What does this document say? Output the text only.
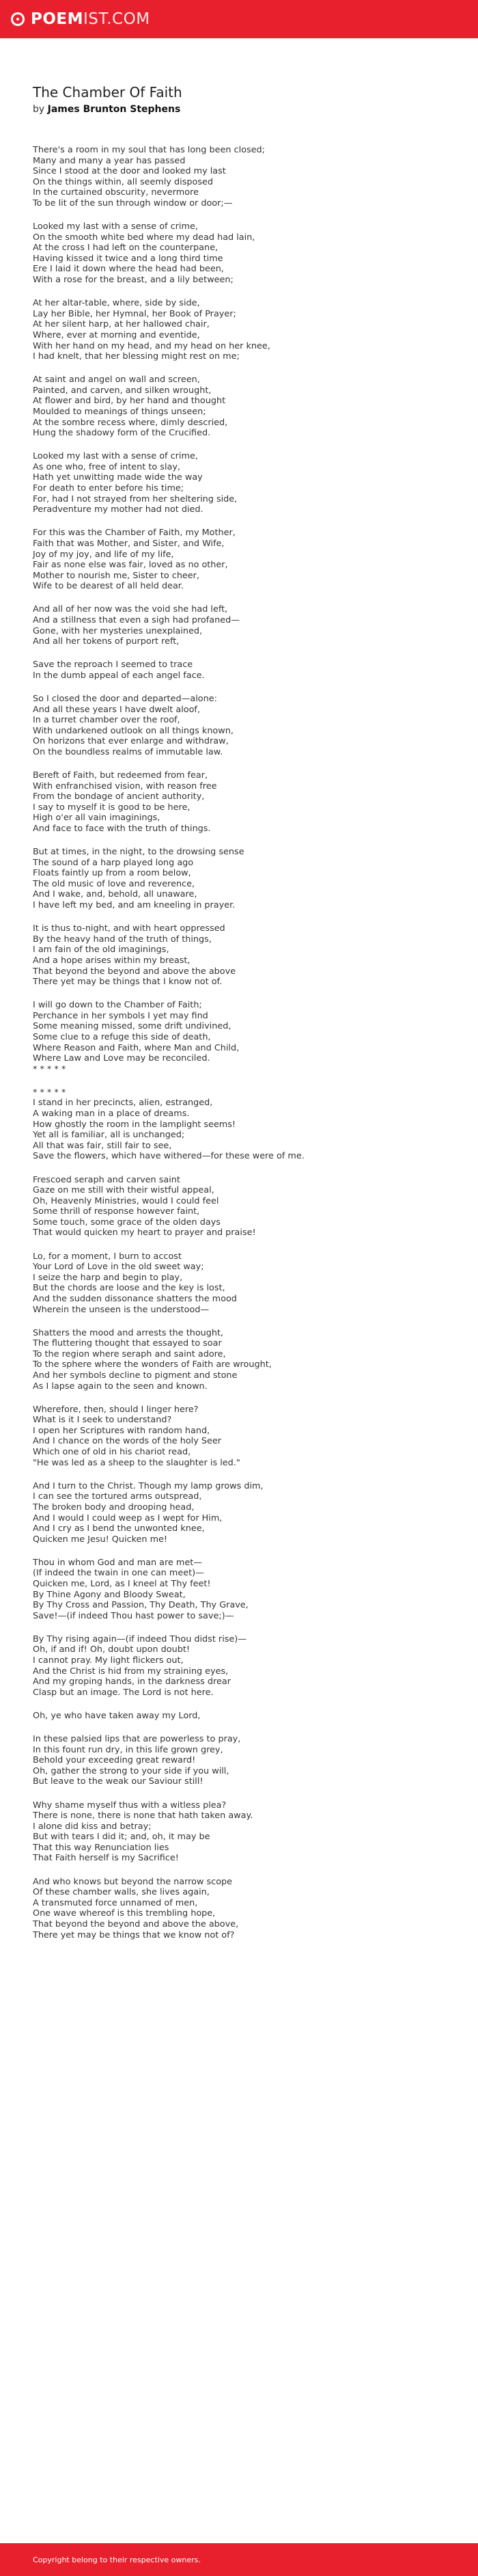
POEMIST.COM
The Chamber Of Faith
by James Brunton Stephens
There's a room in my soul that has long been closed;
Many and many a year has passed
Since I stood at the door and looked my last
On the things within, all seemly disposed
In the curtained obscurity, nevermore
To be lit of the sun through window or door;—
Looked my last with a sense of crime,
On the smooth white bed where my dead had lain,
At the cross I had left on the counterpane,
Having kissed it twice and a long third time
Ere I laid it down where the head had been,
With a rose for the breast, and a lily between;
At her altar-table, where, side by side,
Lay her Bible, her Hymnal, her Book of Prayer;
At her silent harp, at her hallowed chair,
Where, ever at morning and eventide,
With her hand on my head, and my head on her knee,
I had knelt, that her blessing might rest on me;
At saint and angel on wall and screen,
Painted, and carven, and silken wrought,
At flower and bird, by her hand and thought
Moulded to meanings of things unseen;
At the sombre recess where, dimly descried,
Hung the shadowy form of the Crucified.
Looked my last with a sense of crime,
As one who, free of intent to slay,
Hath yet unwitting made wide the way
For death to enter before his time;
For, had I not strayed from her sheltering side,
Peradventure my mother had not died.
For this was the Chamber of Faith, my Mother,
Faith that was Mother, and Sister, and Wife,
Joy of my joy, and life of my life,
Fair as none else was fair, loved as no other,
Mother to nourish me, Sister to cheer,
Wife to be dearest of all held dear.
And all of her now was the void she had left,
And a stillness that even a sigh had profaned—
Gone, with her mysteries unexplained,
And all her tokens of purport reft,
Save the reproach I seemed to trace
In the dumb appeal of each angel face.
So I closed the door and departed—alone:
And all these years I have dwelt aloof,
In a turret chamber over the roof,
With undarkened outlook on all things known,
On horizons that ever enlarge and withdraw,
On the boundless realms of immutable law.
Bereft of Faith, but redeemed from fear,
With enfranchised vision, with reason free
From the bondage of ancient authority,
I say to myself it is good to be here,
High o'er all vain imaginings,
And face to face with the truth of things.
But at times, in the night, to the drowsing sense
The sound of a harp played long ago
Floats faintly up from a room below,
The old music of love and reverence,
And I wake, and, behold, all unaware,
I have left my bed, and am kneeling in prayer.
It is thus to-night, and with heart oppressed
By the heavy hand of the truth of things,
I am fain of the old imaginings,
And a hope arises within my breast,
That beyond the beyond and above the above
There yet may be things that I know not of.
I will go down to the Chamber of Faith;
Perchance in her symbols I yet may find
Some meaning missed, some drift undivined,
Some clue to a refuge this side of death,
Where Reason and Faith, where Man and Child,
Where Law and Love may be reconciled.
* * * * *
* * * * *
I stand in her precincts, alien, estranged,
A waking man in a place of dreams.
How ghostly the room in the lamplight seems!
Yet all is familiar, all is unchanged;
All that was fair, still fair to see,
Save the flowers, which have withered—for these were of me.
Frescoed seraph and carven saint
Gaze on me still with their wistful appeal,
Oh, Heavenly Ministries, would I could feel
Some thrill of response however faint,
Some touch, some grace of the olden days
That would quicken my heart to prayer and praise!
Lo, for a moment, I burn to accost
Your Lord of Love in the old sweet way;
I seize the harp and begin to play,
But the chords are loose and the key is lost,
And the sudden dissonance shatters the mood
Wherein the unseen is the understood—
Shatters the mood and arrests the thought,
The fluttering thought that essayed to soar
To the region where seraph and saint adore,
To the sphere where the wonders of Faith are wrought,
And her symbols decline to pigment and stone
As I lapse again to the seen and known.
Wherefore, then, should I linger here?
What is it I seek to understand?
I open her Scriptures with random hand,
And I chance on the words of the holy Seer
Which one of old in his chariot read,
"He was led as a sheep to the slaughter is led."
And I turn to the Christ. Though my lamp grows dim,
I can see the tortured arms outspread,
The broken body and drooping head,
And I would I could weep as I wept for Him,
And I cry as I bend the unwonted knee,
Quicken me Jesu! Quicken me!
Thou in whom God and man are met—
(If indeed the twain in one can meet)—
Quicken me, Lord, as I kneel at Thy feet!
By Thine Agony and Bloody Sweat,
By Thy Cross and Passion, Thy Death, Thy Grave,
Save!—(if indeed Thou hast power to save;)—
By Thy rising again—(if indeed Thou didst rise)—
Oh, if and if! Oh, doubt upon doubt!
I cannot pray. My light flickers out,
And the Christ is hid from my straining eyes,
And my groping hands, in the darkness drear
Clasp but an image. The Lord is not here.
Oh, ye who have taken away my Lord,
In these palsied lips that are powerless to pray,
In this fount run dry, in this life grown grey,
Behold your exceeding great reward!
Oh, gather the strong to your side if you will,
But leave to the weak our Saviour still!
Why shame myself thus with a witless plea?
There is none, there is none that hath taken away.
I alone did kiss and betray;
But with tears I did it; and, oh, it may be
That this way Renunciation lies
That Faith herself is my Sacrifice!
And who knows but beyond the narrow scope
Of these chamber walls, she lives again,
A transmuted force unnamed of men,
One wave whereof is this trembling hope,
That beyond the beyond and above the above,
There yet may be things that we know not of?
Copyright belong to their respective owners.
